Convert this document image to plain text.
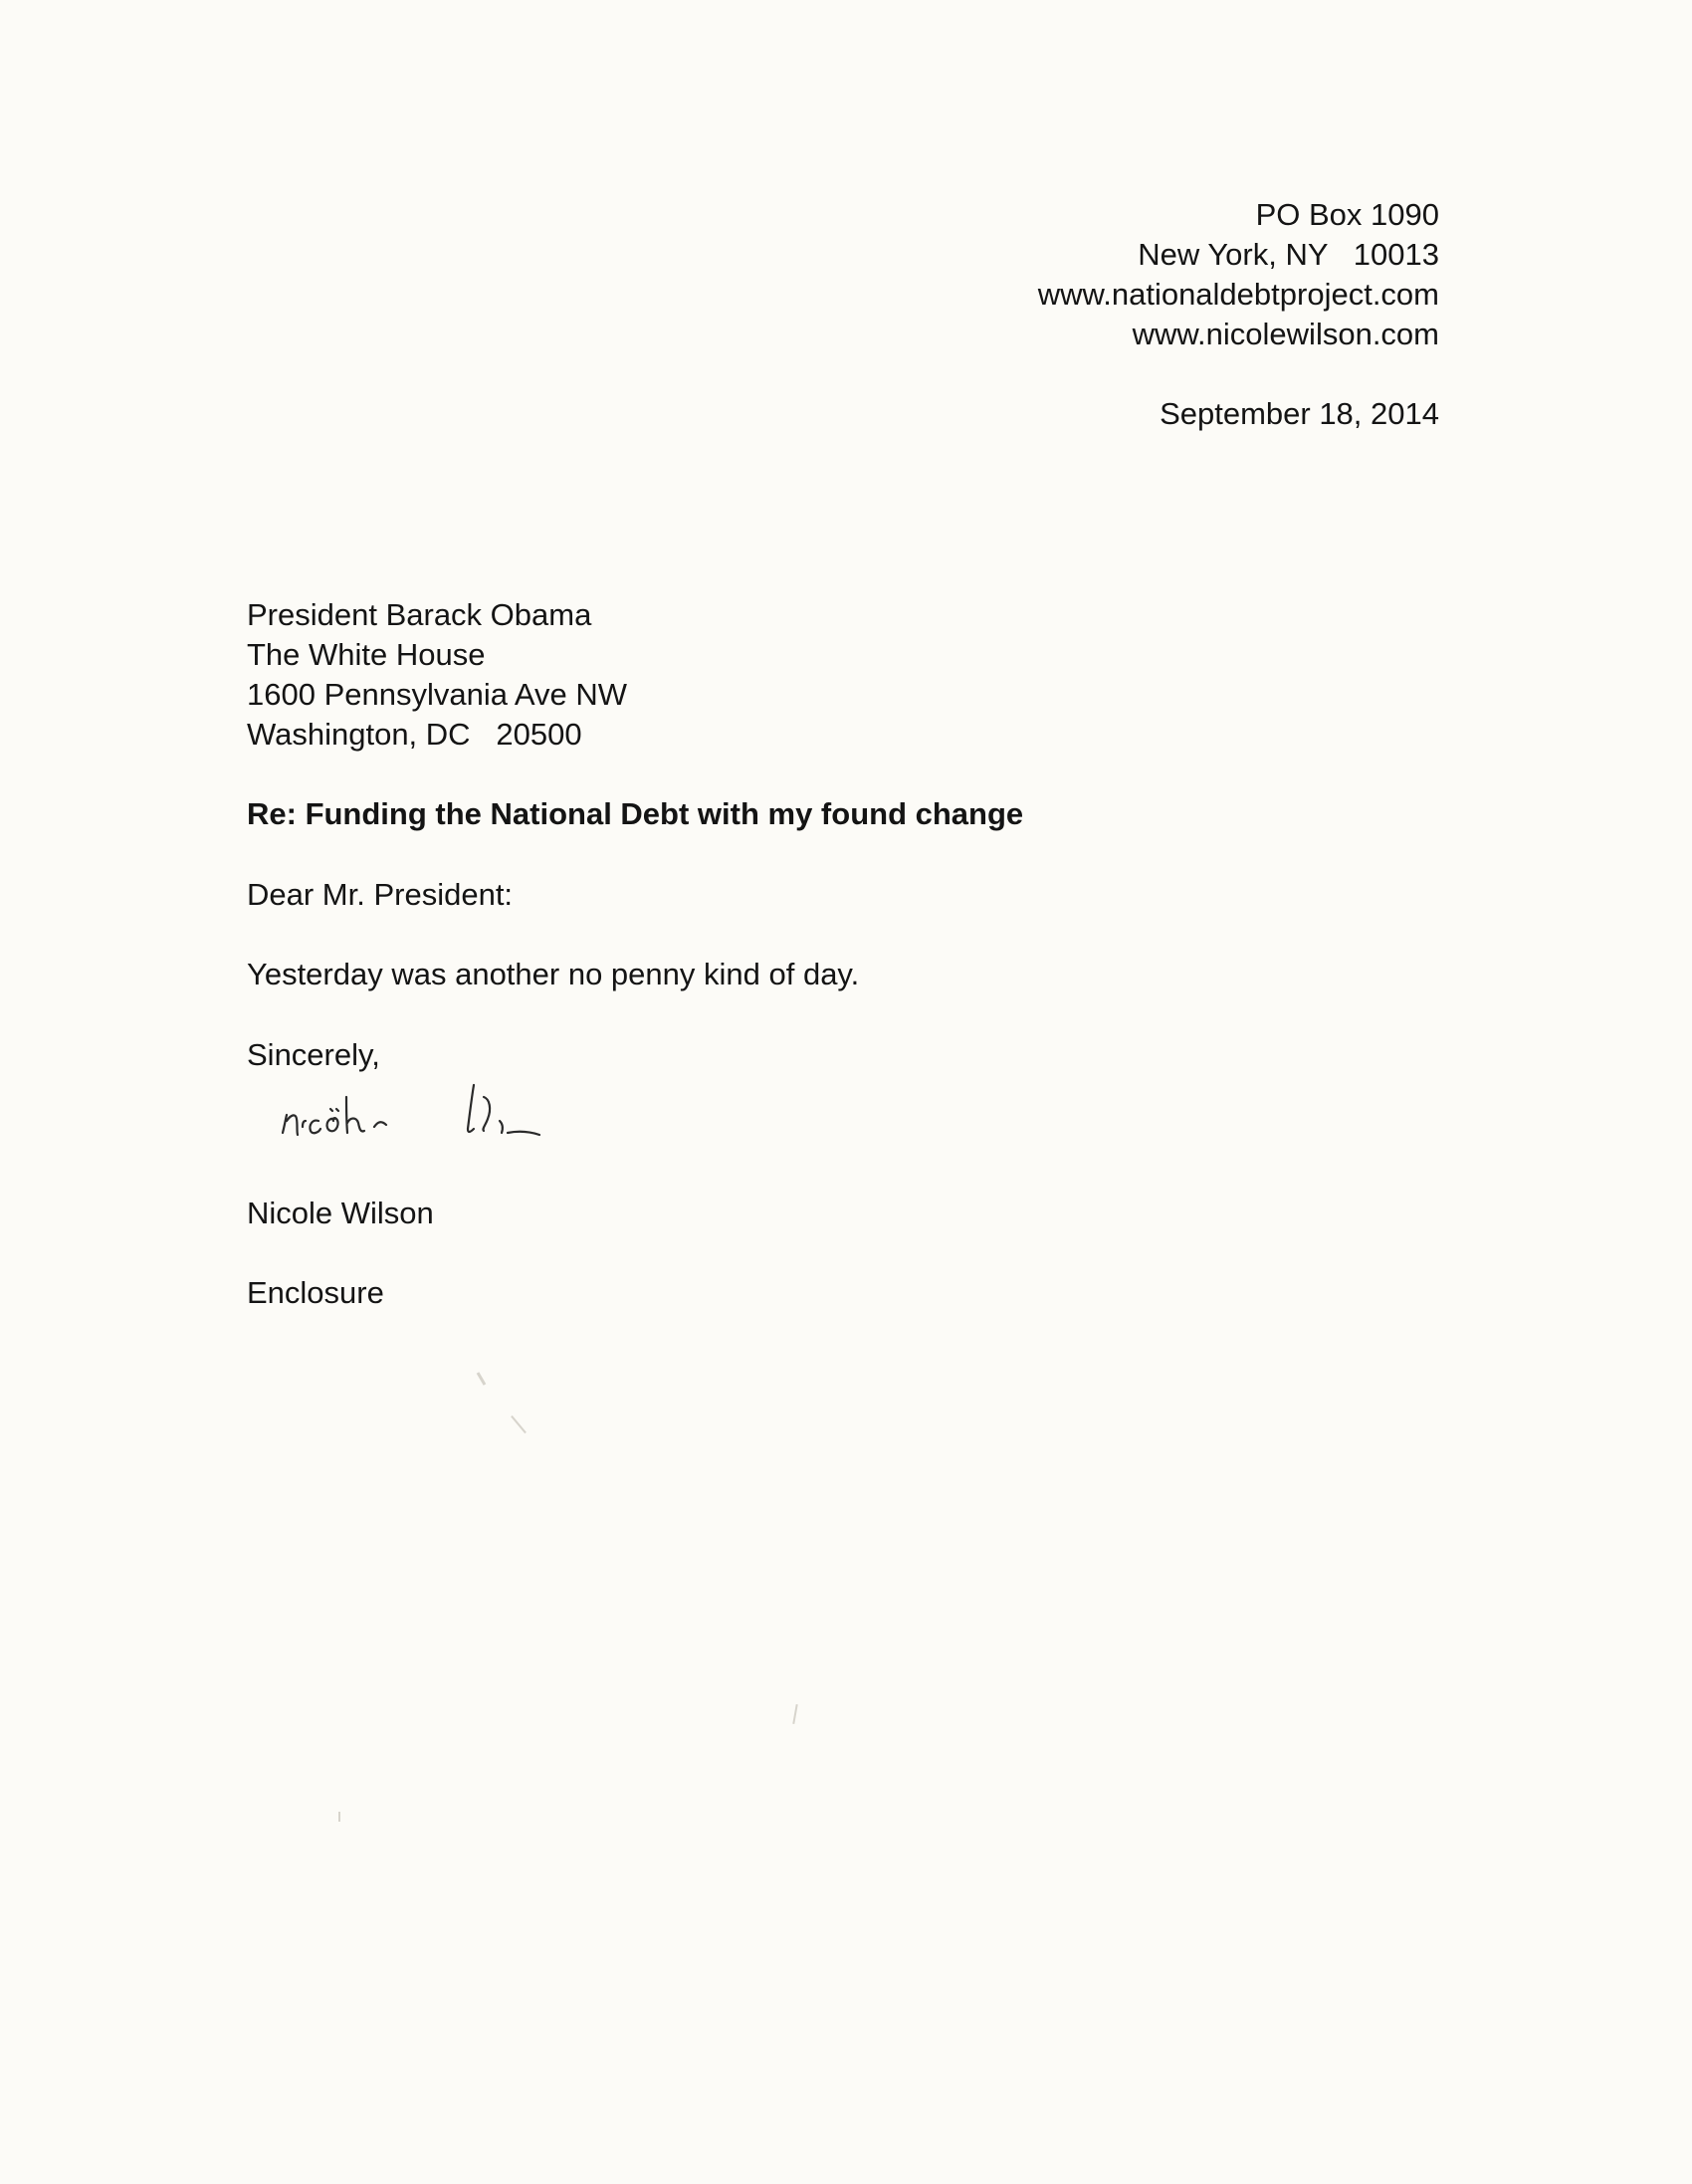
PO Box 1090
New York, NY   10013
www.nationaldebtproject.com
www.nicolewilson.com
September 18, 2014
President Barack Obama
The White House
1600 Pennsylvania Ave NW
Washington, DC   20500
Re: Funding the National Debt with my found change
Dear Mr. President:
Yesterday was another no penny kind of day.
Sincerely,
Nicole Wilson
Enclosure
